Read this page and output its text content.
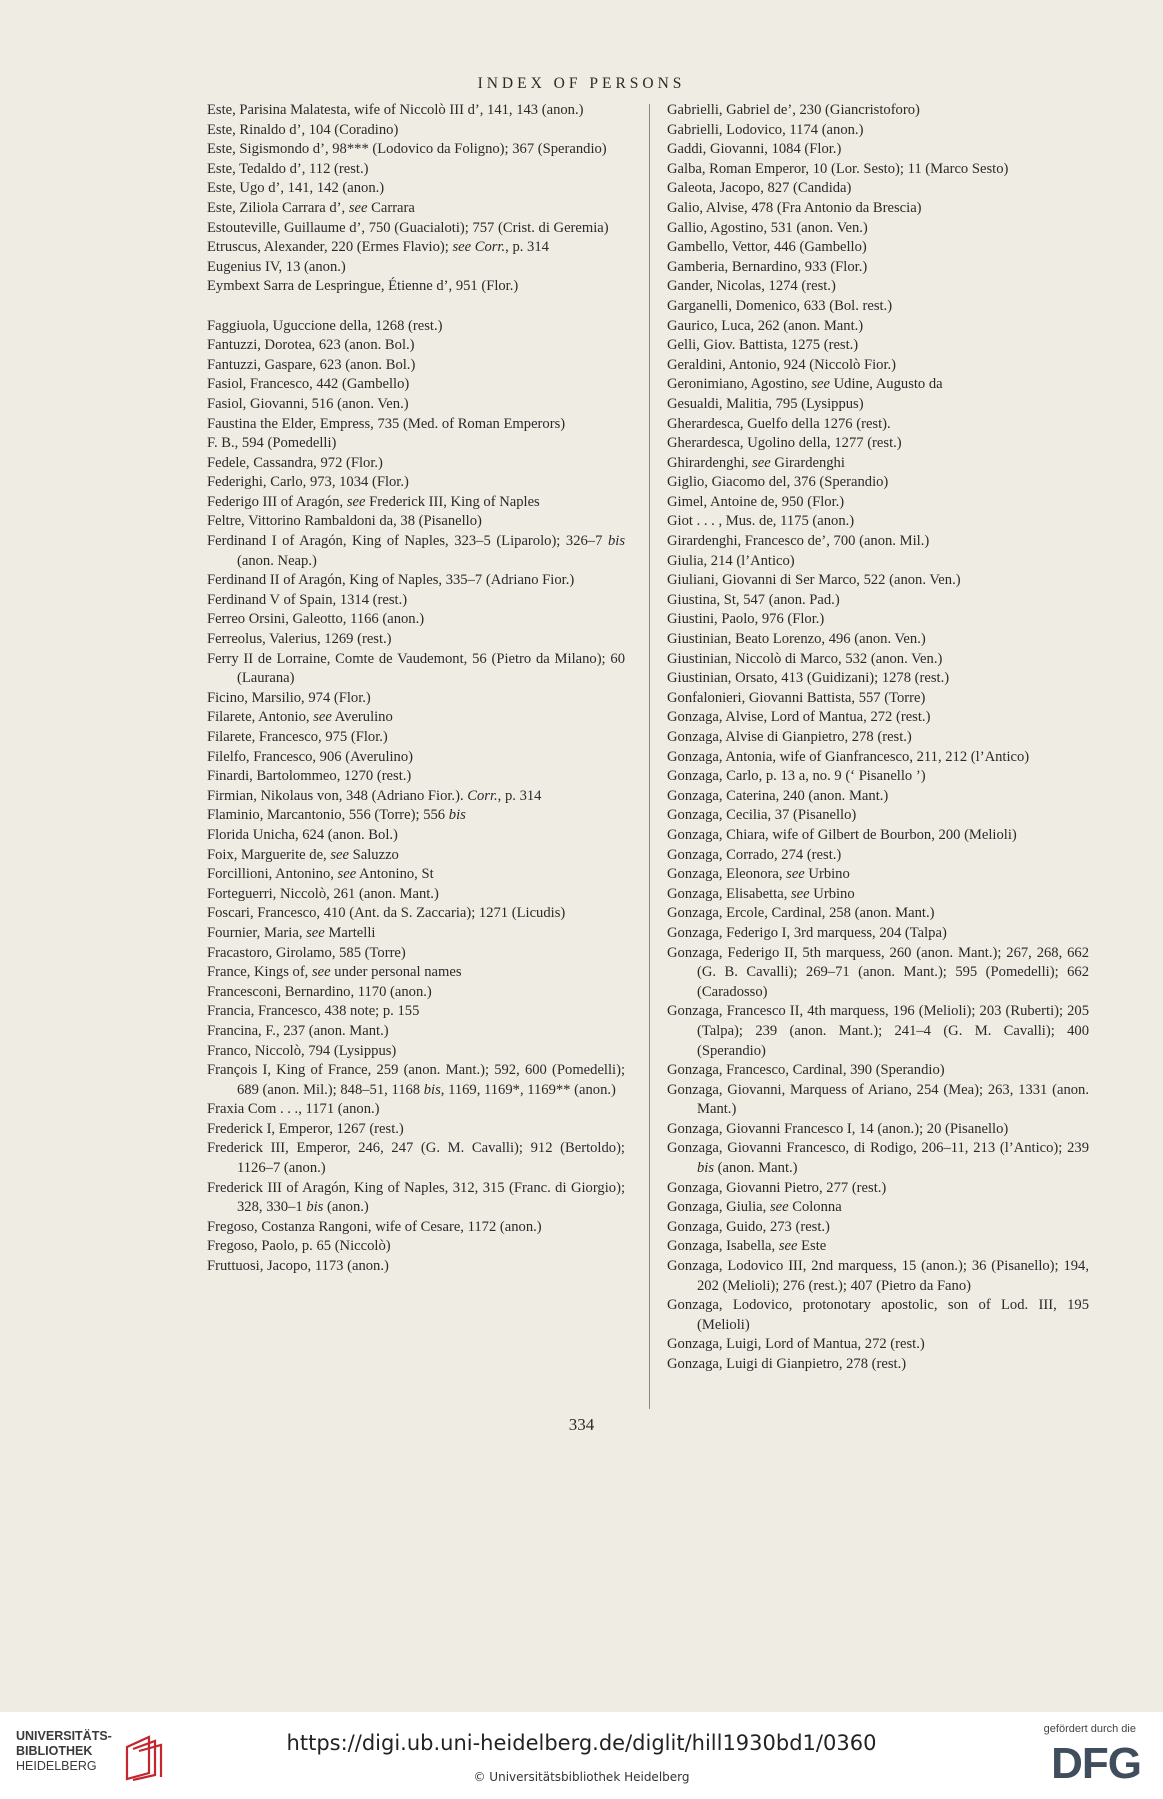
INDEX OF PERSONS
Este, Parisina Malatesta, wife of Niccolò III d’, 141, 143 (anon.)
Este, Rinaldo d’, 104 (Coradino)
Este, Sigismondo d’, 98*** (Lodovico da Foligno); 367 (Sperandio)
Este, Tedaldo d’, 112 (rest.)
Este, Ugo d’, 141, 142 (anon.)
Este, Ziliola Carrara d’, see Carrara
Estouteville, Guillaume d’, 750 (Guacialoti); 757 (Crist. di Geremia)
Etruscus, Alexander, 220 (Ermes Flavio); see Corr., p. 314
Eugenius IV, 13 (anon.)
Eymbext Sarra de Lespringue, Étienne d’, 951 (Flor.)
Faggiuola, Uguccione della, 1268 (rest.)
Fantuzzi, Dorotea, 623 (anon. Bol.)
Fantuzzi, Gaspare, 623 (anon. Bol.)
Fasiol, Francesco, 442 (Gambello)
Fasiol, Giovanni, 516 (anon. Ven.)
Faustina the Elder, Empress, 735 (Med. of Roman Emperors)
F. B., 594 (Pomedelli)
Fedele, Cassandra, 972 (Flor.)
Federighi, Carlo, 973, 1034 (Flor.)
Federigo III of Aragón, see Frederick III, King of Naples
Feltre, Vittorino Rambaldoni da, 38 (Pisanello)
Ferdinand I of Aragón, King of Naples, 323–5 (Liparolo); 326–7 bis (anon. Neap.)
Ferdinand II of Aragón, King of Naples, 335–7 (Adriano Fior.)
Ferdinand V of Spain, 1314 (rest.)
Ferreo Orsini, Galeotto, 1166 (anon.)
Ferreolus, Valerius, 1269 (rest.)
Ferry II de Lorraine, Comte de Vaudemont, 56 (Pietro da Milano); 60 (Laurana)
Ficino, Marsilio, 974 (Flor.)
Filarete, Antonio, see Averulino
Filarete, Francesco, 975 (Flor.)
Filelfo, Francesco, 906 (Averulino)
Finardi, Bartolommeo, 1270 (rest.)
Firmian, Nikolaus von, 348 (Adriano Fior.). Corr., p. 314
Flaminio, Marcantonio, 556 (Torre); 556 bis
Florida Unicha, 624 (anon. Bol.)
Foix, Marguerite de, see Saluzzo
Forcillioni, Antonino, see Antonino, St
Forteguerri, Niccolò, 261 (anon. Mant.)
Foscari, Francesco, 410 (Ant. da S. Zaccaria); 1271 (Licudis)
Fournier, Maria, see Martelli
Fracastoro, Girolamo, 585 (Torre)
France, Kings of, see under personal names
Francesconi, Bernardino, 1170 (anon.)
Francia, Francesco, 438 note; p. 155
Francina, F., 237 (anon. Mant.)
Franco, Niccolò, 794 (Lysippus)
François I, King of France, 259 (anon. Mant.); 592, 600 (Pomedelli); 689 (anon. Mil.); 848–51, 1168 bis, 1169, 1169*, 1169** (anon.)
Fraxia Com . . ., 1171 (anon.)
Frederick I, Emperor, 1267 (rest.)
Frederick III, Emperor, 246, 247 (G. M. Cavalli); 912 (Bertoldo); 1126–7 (anon.)
Frederick III of Aragón, King of Naples, 312, 315 (Franc. di Giorgio); 328, 330–1 bis (anon.)
Fregoso, Costanza Rangoni, wife of Cesare, 1172 (anon.)
Fregoso, Paolo, p. 65 (Niccolò)
Fruttuosi, Jacopo, 1173 (anon.)
Gabrielli, Gabriel de’, 230 (Giancristoforo)
Gabrielli, Lodovico, 1174 (anon.)
Gaddi, Giovanni, 1084 (Flor.)
Galba, Roman Emperor, 10 (Lor. Sesto); 11 (Marco Sesto)
Galeota, Jacopo, 827 (Candida)
Galio, Alvise, 478 (Fra Antonio da Brescia)
Gallio, Agostino, 531 (anon. Ven.)
Gambello, Vettor, 446 (Gambello)
Gamberia, Bernardino, 933 (Flor.)
Gander, Nicolas, 1274 (rest.)
Garganelli, Domenico, 633 (Bol. rest.)
Gaurico, Luca, 262 (anon. Mant.)
Gelli, Giov. Battista, 1275 (rest.)
Geraldini, Antonio, 924 (Niccolò Fior.)
Geronimiano, Agostino, see Udine, Augusto da
Gesualdi, Malitia, 795 (Lysippus)
Gherardesca, Guelfo della 1276 (rest).
Gherardesca, Ugolino della, 1277 (rest.)
Ghirardenghi, see Girardenghi
Giglio, Giacomo del, 376 (Sperandio)
Gimel, Antoine de, 950 (Flor.)
Giot . . . , Mus. de, 1175 (anon.)
Girardenghi, Francesco de’, 700 (anon. Mil.)
Giulia, 214 (l’Antico)
Giuliani, Giovanni di Ser Marco, 522 (anon. Ven.)
Giustina, St, 547 (anon. Pad.)
Giustini, Paolo, 976 (Flor.)
Giustinian, Beato Lorenzo, 496 (anon. Ven.)
Giustinian, Niccolò di Marco, 532 (anon. Ven.)
Giustinian, Orsato, 413 (Guidizani); 1278 (rest.)
Gonfalonieri, Giovanni Battista, 557 (Torre)
Gonzaga, Alvise, Lord of Mantua, 272 (rest.)
Gonzaga, Alvise di Gianpietro, 278 (rest.)
Gonzaga, Antonia, wife of Gianfrancesco, 211, 212 (l’Antico)
Gonzaga, Carlo, p. 13 a, no. 9 (‘ Pisanello ’)
Gonzaga, Caterina, 240 (anon. Mant.)
Gonzaga, Cecilia, 37 (Pisanello)
Gonzaga, Chiara, wife of Gilbert de Bourbon, 200 (Melioli)
Gonzaga, Corrado, 274 (rest.)
Gonzaga, Eleonora, see Urbino
Gonzaga, Elisabetta, see Urbino
Gonzaga, Ercole, Cardinal, 258 (anon. Mant.)
Gonzaga, Federigo I, 3rd marquess, 204 (Talpa)
Gonzaga, Federigo II, 5th marquess, 260 (anon. Mant.); 267, 268, 662 (G. B. Cavalli); 269–71 (anon. Mant.); 595 (Pomedelli); 662 (Caradosso)
Gonzaga, Francesco II, 4th marquess, 196 (Melioli); 203 (Ruberti); 205 (Talpa); 239 (anon. Mant.); 241–4 (G. M. Cavalli); 400 (Sperandio)
Gonzaga, Francesco, Cardinal, 390 (Sperandio)
Gonzaga, Giovanni, Marquess of Ariano, 254 (Mea); 263, 1331 (anon. Mant.)
Gonzaga, Giovanni Francesco I, 14 (anon.); 20 (Pisanello)
Gonzaga, Giovanni Francesco, di Rodigo, 206–11, 213 (l’Antico); 239 bis (anon. Mant.)
Gonzaga, Giovanni Pietro, 277 (rest.)
Gonzaga, Giulia, see Colonna
Gonzaga, Guido, 273 (rest.)
Gonzaga, Isabella, see Este
Gonzaga, Lodovico III, 2nd marquess, 15 (anon.); 36 (Pisanello); 194, 202 (Melioli); 276 (rest.); 407 (Pietro da Fano)
Gonzaga, Lodovico, protonotary apostolic, son of Lod. III, 195 (Melioli)
Gonzaga, Luigi, Lord of Mantua, 272 (rest.)
Gonzaga, Luigi di Gianpietro, 278 (rest.)
334
UNIVERSITÄTS-
BIBLIOTHEK
HEIDELBERG
https://digi.ub.uni-heidelberg.de/diglit/hill1930bd1/0360
© Universitätsbibliothek Heidelberg
gefördert durch die
DFG
